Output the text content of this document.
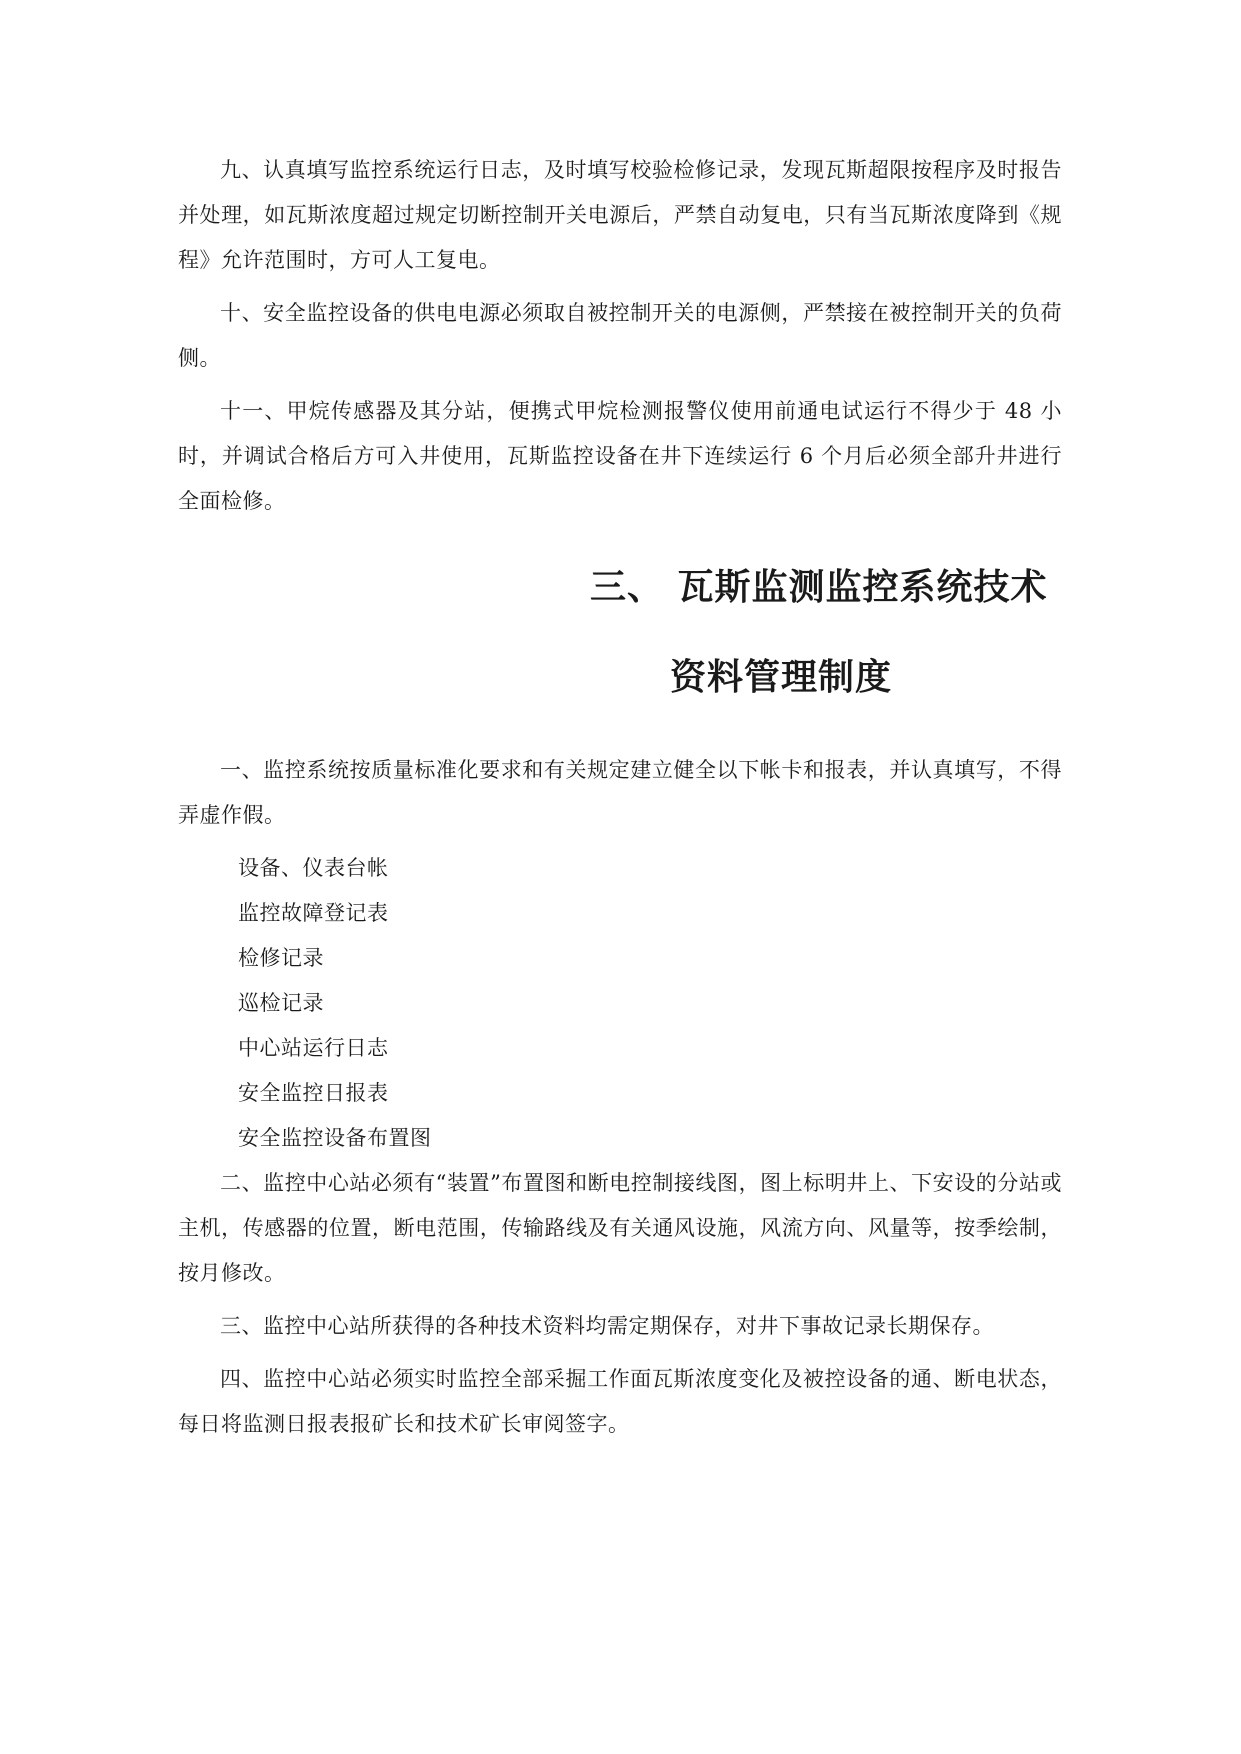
九、认真填写监控系统运行日志，及时填写校验检修记录，发现瓦斯超限按程序及时报告并处理，如瓦斯浓度超过规定切断控制开关电源后，严禁自动复电，只有当瓦斯浓度降到《规程》允许范围时，方可人工复电。

十、安全监控设备的供电电源必须取自被控制开关的电源侧，严禁接在被控制开关的负荷侧。

十一、甲烷传感器及其分站，便携式甲烷检测报警仪使用前通电试运行不得少于 48 小时，并调试合格后方可入井使用，瓦斯监控设备在井下连续运行 6 个月后必须全部升井进行全面检修。

三、 瓦斯监测监控系统技术
资料管理制度

一、监控系统按质量标准化要求和有关规定建立健全以下帐卡和报表，并认真填写，不得弄虚作假。

设备、仪表台帐
监控故障登记表
检修记录
巡检记录
中心站运行日志
安全监控日报表
安全监控设备布置图

二、监控中心站必须有“装置”布置图和断电控制接线图，图上标明井上、下安设的分站或主机，传感器的位置，断电范围，传输路线及有关通风设施，风流方向、风量等，按季绘制，按月修改。

三、监控中心站所获得的各种技术资料均需定期保存，对井下事故记录长期保存。

四、监控中心站必须实时监控全部采掘工作面瓦斯浓度变化及被控设备的通、断电状态，每日将监测日报表报矿长和技术矿长审阅签字。
